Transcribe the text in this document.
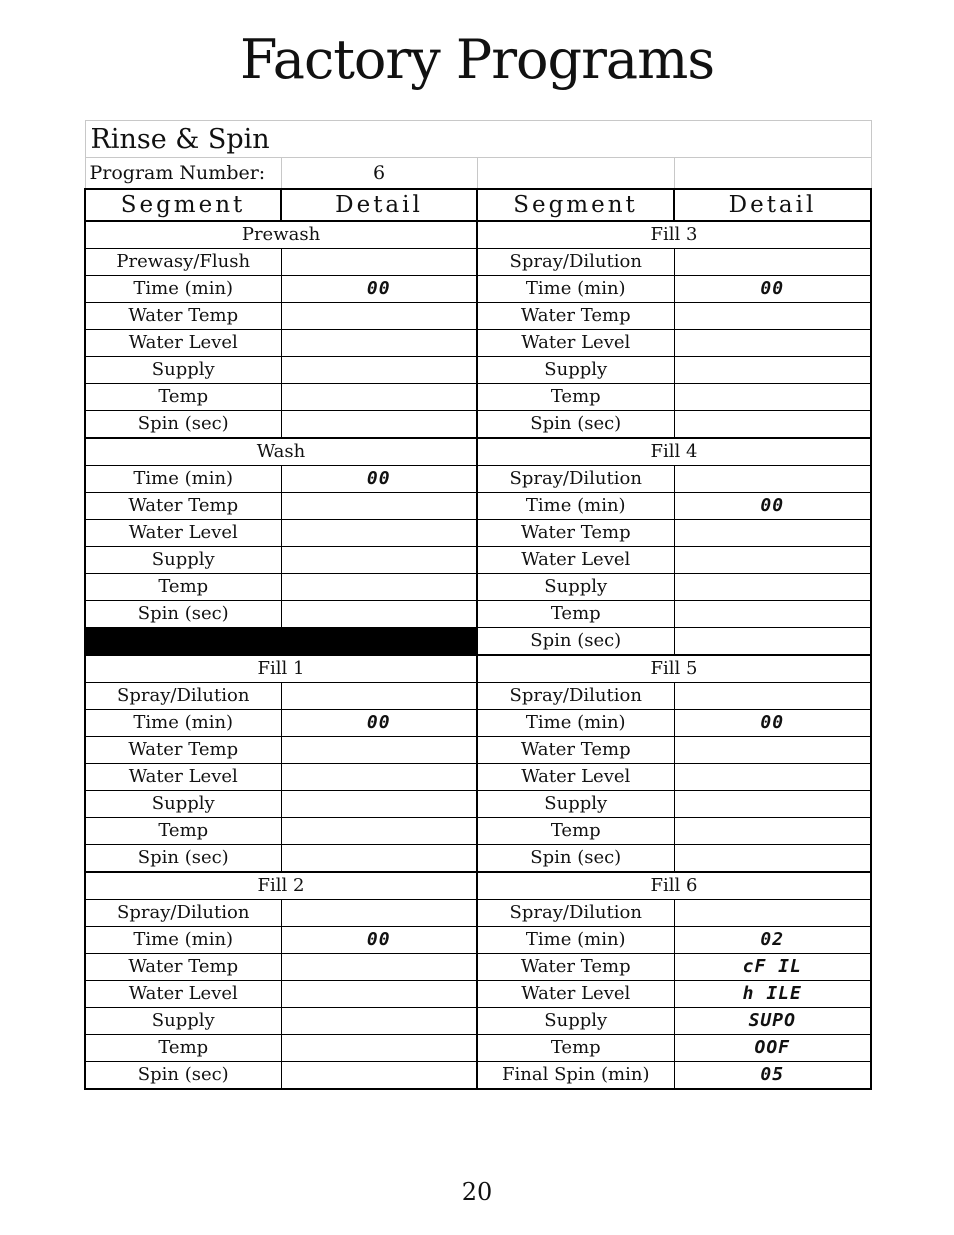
Factory Programs
Rinse & Spin			
Program Number:	6		
Segment	Detail	Segment	Detail
Prewash		Fill 3	
Prewasy/Flush		Spray/Dilution	
Time (min)	00	Time (min)	00
Water Temp		Water Temp	
Water Level		Water Level	
Supply		Supply	
Temp		Temp	
Spin (sec)		Spin (sec)	
Wash		Fill 4	
Time (min)	00	Spray/Dilution	
Water Temp		Time (min)	00
Water Level		Water Temp	
Supply		Water Level	
Temp		Supply	
Spin (sec)		Temp	
		Spin (sec)	
Fill 1		Fill 5	
Spray/Dilution		Spray/Dilution	
Time (min)	00	Time (min)	00
Water Temp		Water Temp	
Water Level		Water Level	
Supply		Supply	
Temp		Temp	
Spin (sec)		Spin (sec)	
Fill 2		Fill 6	
Spray/Dilution		Spray/Dilution	
Time (min)	00	Time (min)	02
Water Temp		Water Temp	cF IL
Water Level		Water Level	h ILE
Supply		Supply	SUPO
Temp		Temp	OOF
Spin (sec)		Final Spin (min)	05
20
